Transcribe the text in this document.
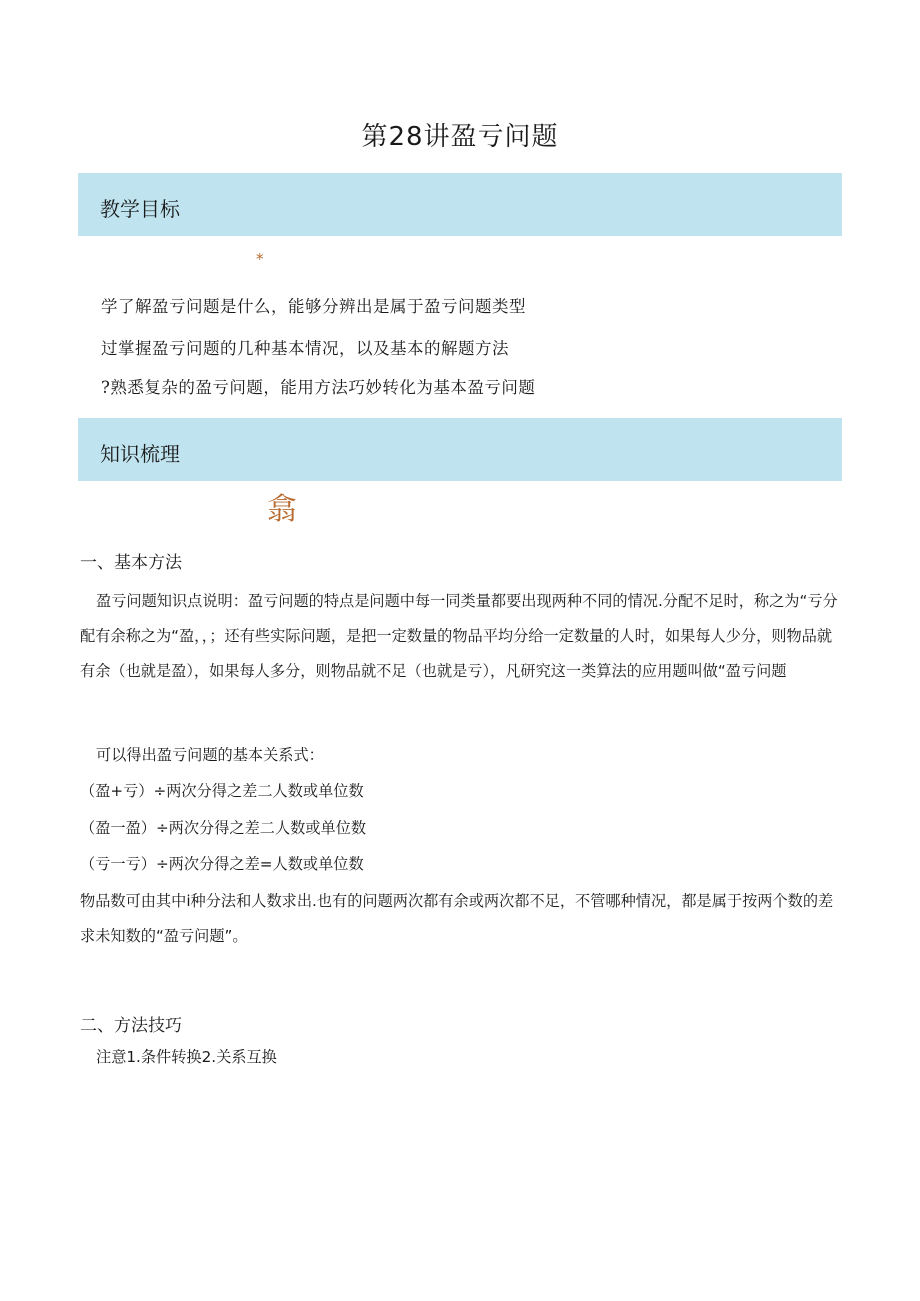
第28讲盈亏问题
教学目标
*
学了解盈亏问题是什么，能够分辨出是属于盈亏问题类型
过掌握盈亏问题的几种基本情况，以及基本的解题方法
?熟悉复杂的盈亏问题，能用方法巧妙转化为基本盈亏问题
知识梳理
翕
一、基本方法
盈亏问题知识点说明：盈亏问题的特点是问题中每一同类量都要出现两种不同的情况.分配不足时，称之为“亏分配有余称之为“盈，，；还有些实际问题，是把一定数量的物品平均分给一定数量的人时，如果每人少分，则物品就有余（也就是盈），如果每人多分，则物品就不足（也就是亏），凡研究这一类算法的应用题叫做“盈亏问题
可以得出盈亏问题的基本关系式：
（盈+亏）÷两次分得之差二人数或单位数
（盈一盈）÷两次分得之差二人数或单位数
（亏一亏）÷两次分得之差=人数或单位数
物品数可由其中i种分法和人数求出.也有的问题两次都有余或两次都不足，不管哪种情况，都是属于按两个数的差求未知数的“盈亏问题”。
二、方法技巧
注意1.条件转换2.关系互换
